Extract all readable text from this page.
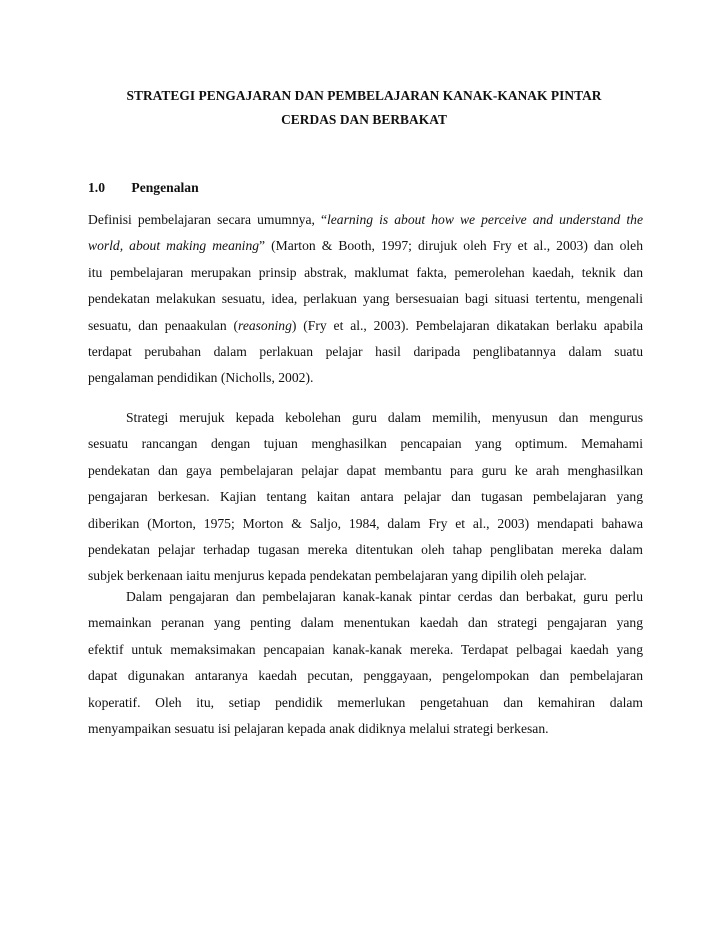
STRATEGI PENGAJARAN DAN PEMBELAJARAN KANAK-KANAK PINTAR
CERDAS DAN BERBAKAT
1.0 Pengenalan
Definisi pembelajaran secara umumnya, “learning is about how we perceive and understand the
world, about making meaning” (Marton & Booth, 1997; dirujuk oleh Fry et al., 2003) dan oleh
itu pembelajaran merupakan prinsip abstrak, maklumat fakta, pemerolehan kaedah, teknik dan
pendekatan melakukan sesuatu, idea, perlakuan yang bersesuaian bagi situasi tertentu, mengenali
sesuatu, dan penaakulan (reasoning) (Fry et al., 2003). Pembelajaran dikatakan berlaku apabila
terdapat perubahan dalam perlakuan pelajar hasil daripada penglibatannya dalam suatu
pengalaman pendidikan (Nicholls, 2002).
Strategi merujuk kepada kebolehan guru dalam memilih, menyusun dan mengurus
sesuatu rancangan dengan tujuan menghasilkan pencapaian yang optimum. Memahami
pendekatan dan gaya pembelajaran pelajar dapat membantu para guru ke arah menghasilkan
pengajaran berkesan. Kajian tentang kaitan antara pelajar dan tugasan pembelajaran yang
diberikan (Morton, 1975; Morton & Saljo, 1984, dalam Fry et al., 2003) mendapati bahawa
pendekatan pelajar terhadap tugasan mereka ditentukan oleh tahap penglibatan mereka dalam
subjek berkenaan iaitu menjurus kepada pendekatan pembelajaran yang dipilih oleh pelajar.
Dalam pengajaran dan pembelajaran kanak-kanak pintar cerdas dan berbakat, guru perlu
memainkan peranan yang penting dalam menentukan kaedah dan strategi pengajaran yang
efektif untuk memaksimakan pencapaian kanak-kanak mereka. Terdapat pelbagai kaedah yang
dapat digunakan antaranya kaedah pecutan, penggayaan, pengelompokan dan pembelajaran
koperatif. Oleh itu, setiap pendidik memerlukan pengetahuan dan kemahiran dalam
menyampaikan sesuatu isi pelajaran kepada anak didiknya melalui strategi berkesan.
